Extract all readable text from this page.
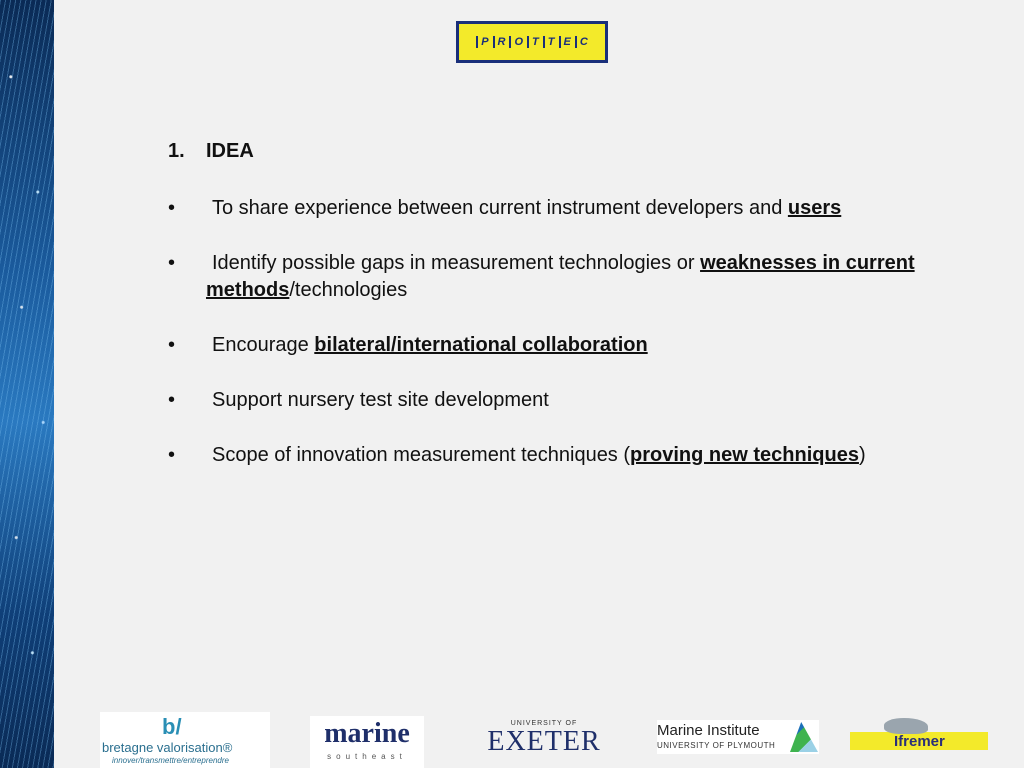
P R O T T E C
1.	IDEA
•	To share experience between current instrument developers and users
•	Identify possible gaps in measurement technologies or weaknesses in current methods/technologies
•	Encourage bilateral/international collaboration
•	Support nursery test site development
•	Scope of innovation measurement techniques (proving new techniques)
b/
bretagne valorisation®
innover/transmettre/entreprendre
marine
southeast
UNIVERSITY OF
EXETER	Marine Institute
UNIVERSITY OF PLYMOUTH	Ifremer
